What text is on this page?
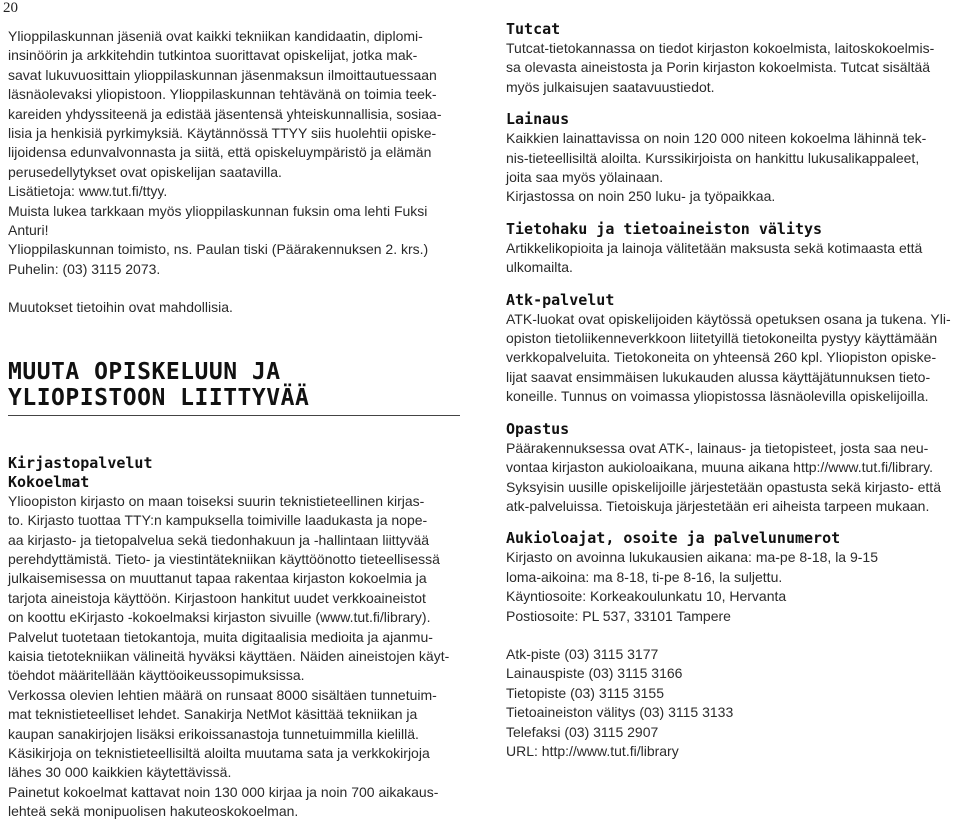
20

Ylioppilaskunnan jäseniä ovat kaikki tekniikan kandidaatin, diplomi-

insinöörin ja arkkitehdin tutkintoa suorittavat opiskelijat, jotka mak-

savat lukuvuosittain ylioppilaskunnan jäsenmaksun ilmoittautuessaan

läsnäolevaksi yliopistoon. Ylioppilaskunnan tehtävänä on toimia teek-

kareiden yhdyssiteenä ja edistää jäsentensä yhteiskunnallisia, sosiaa-

lisia ja henkisiä pyrkimyksiä. Käytännössä TTYY siis huolehtii opiske-

lijoidensa edunvalvonnasta ja siitä, että opiskeluympäristö ja elämän

perusedellytykset ovat opiskelijan saatavilla.

Lisätietoja: www.tut.fi/ttyy.

Muista lukea tarkkaan myös ylioppilaskunnan fuksin oma lehti Fuksi

Anturi!

Ylioppilaskunnan toimisto, ns. Paulan tiski (Päärakennuksen 2. krs.)

Puhelin: (03) 3115 2073.

Muutokset tietoihin ovat mahdollisia.

MUUTA OPISKELUUN JA
YLIOPISTOON LIITTYVÄÄ
Kirjastopalvelut
Kokoelmat

Ylioopiston kirjasto on maan toiseksi suurin teknistieteellinen kirjas-

to. Kirjasto tuottaa TTY:n kampuksella toimiville laadukasta ja nope-

aa kirjasto- ja tietopalvelua sekä tiedonhakuun ja -hallintaan liittyvää

perehdyttämistä. Tieto- ja viestintätekniikan käyttöönotto tieteellisessä

julkaisemisessa on muuttanut tapaa rakentaa kirjaston kokoelmia ja

tarjota aineistoja käyttöön. Kirjastoon hankitut uudet verkkoaineistot

on koottu eKirjasto -kokoelmaksi kirjaston sivuille (www.tut.fi/library).

Palvelut tuotetaan tietokantoja, muita digitaalisia medioita ja ajanmu-

kaisia tietotekniikan välineitä hyväksi käyttäen. Näiden aineistojen käyt-

töehdot määritellään käyttöoikeussopimuksissa.

Verkossa olevien lehtien määrä on runsaat 8000 sisältäen tunnetuim-

mat teknistieteelliset lehdet. Sanakirja NetMot käsittää tekniikan ja

kaupan sanakirjojen lisäksi erikoissanastoja tunnetuimmilla kielillä.

Käsikirjoja on teknistieteellisiltä aloilta muutama sata ja verkkokirjoja

lähes 30 000 kaikkien käytettävissä.

Painetut kokoelmat kattavat noin 130 000 kirjaa ja noin 700 aikakaus-

lehteä sekä monipuolisen hakuteoskokoelman.

Tutcat

Tutcat-tietokannassa on tiedot kirjaston kokoelmista, laitoskokoelmis-

sa olevasta aineistosta ja Porin kirjaston kokoelmista. Tutcat sisältää

myös julkaisujen saatavuustiedot.

Lainaus

Kaikkien lainattavissa on noin 120 000 niteen kokoelma lähinnä tek-

nis-tieteellisiltä aloilta. Kurssikirjoista on hankittu lukusalikappaleet,

joita saa myös yölainaan.

Kirjastossa on noin 250 luku- ja työpaikkaa.

Tietohaku ja tietoaineiston välitys

Artikkelikopioita ja lainoja välitetään maksusta sekä kotimaasta että

ulkomailta.

Atk-palvelut

ATK-luokat ovat opiskelijoiden käytössä opetuksen osana ja tukena. Yli-

opiston tietoliikenneverkkoon liitetyillä tietokoneilta pystyy käyttämään

verkkopalveluita. Tietokoneita on yhteensä 260 kpl. Yliopiston opiske-

lijat saavat ensimmäisen lukukauden alussa käyttäjätunnuksen tieto-

koneille. Tunnus on voimassa yliopistossa läsnäolevilla opiskelijoilla.

Opastus

Päärakennuksessa ovat ATK-, lainaus- ja tietopisteet, josta saa neu-

vontaa kirjaston aukioloaikana, muuna aikana http://www.tut.fi/library.

Syksyisin uusille opiskelijoille järjestetään opastusta sekä kirjasto- että

atk-palveluissa. Tietoiskuja järjestetään eri aiheista tarpeen mukaan.

Aukioloajat, osoite ja palvelunumerot

Kirjasto on avoinna lukukausien aikana: ma-pe 8-18, la 9-15

loma-aikoina: ma 8-18, ti-pe 8-16, la suljettu.

Käyntiosoite: Korkeakoulunkatu 10, Hervanta

Postiosoite: PL 537, 33101 Tampere

Atk-piste (03) 3115 3177

Lainauspiste (03) 3115 3166

Tietopiste (03) 3115 3155

Tietoaineiston välitys (03) 3115 3133

Telefaksi (03) 3115 2907

URL: http://www.tut.fi/library
